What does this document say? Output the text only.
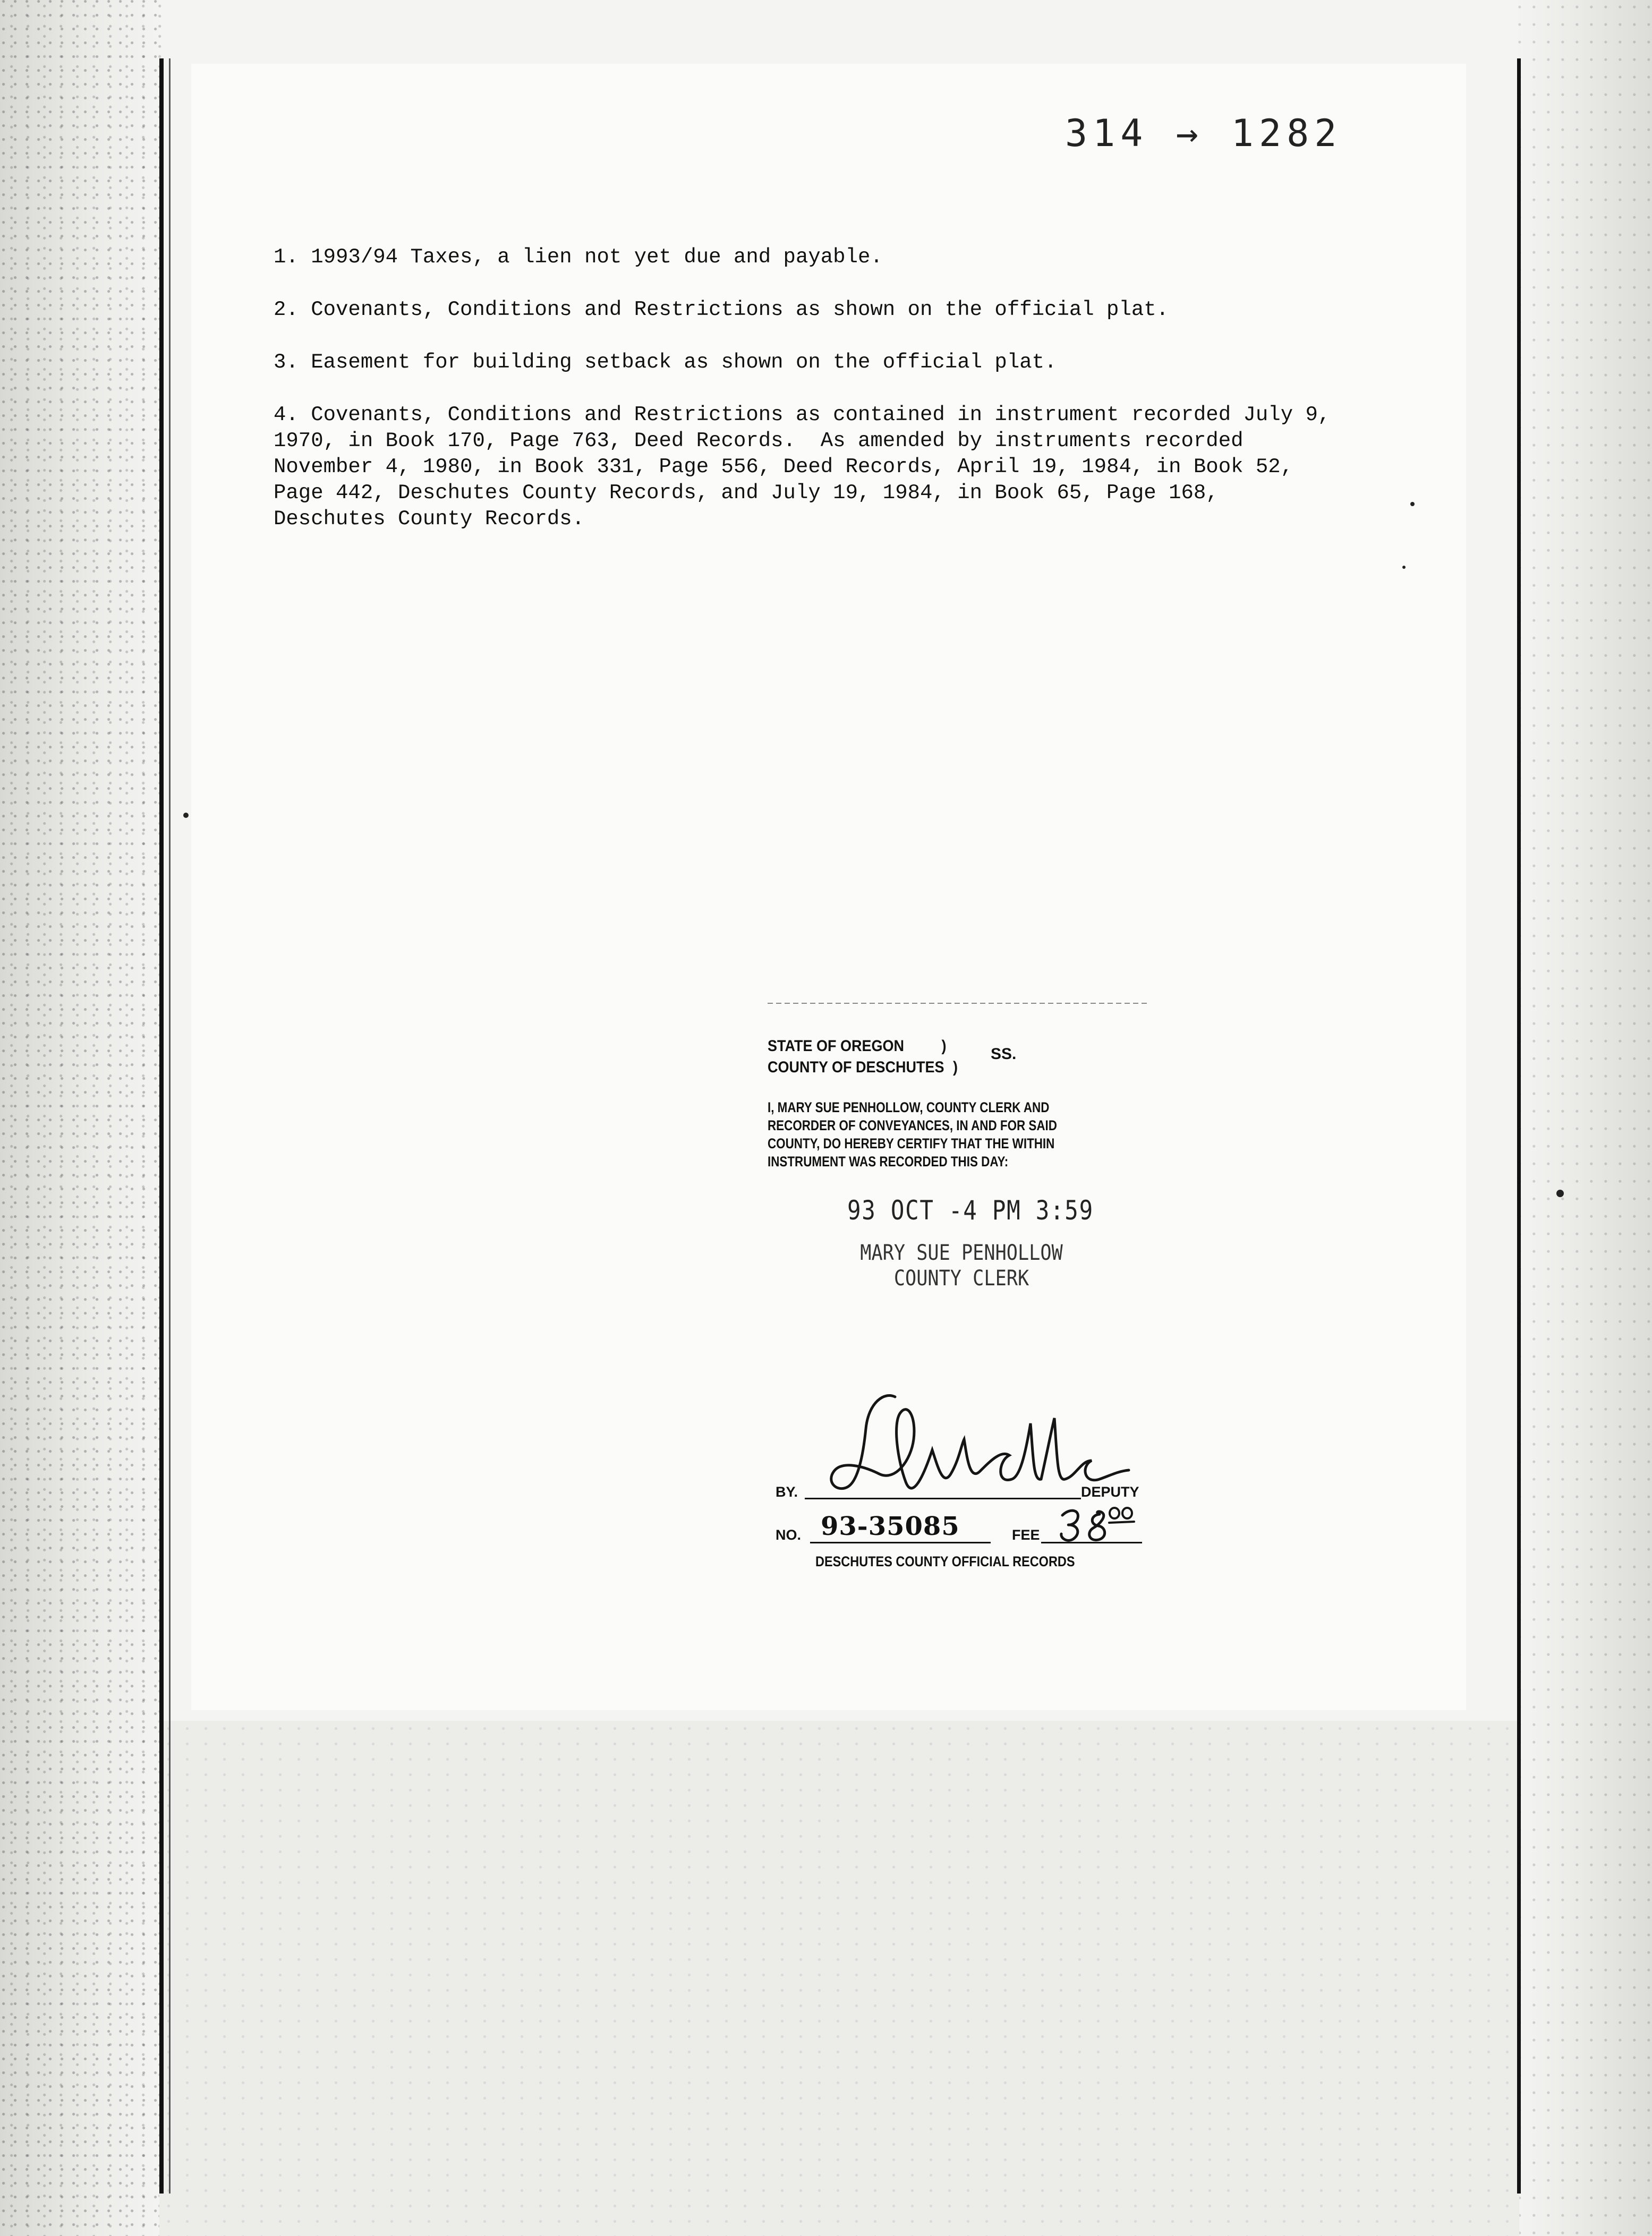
314 → 1282

1. 1993/94 Taxes, a lien not yet due and payable.

2. Covenants, Conditions and Restrictions as shown on the official plat.

3. Easement for building setback as shown on the official plat.

4. Covenants, Conditions and Restrictions as contained in instrument recorded July 9,
1970, in Book 170, Page 763, Deed Records.  As amended by instruments recorded
November 4, 1980, in Book 331, Page 556, Deed Records, April 19, 1984, in Book 52,
Page 442, Deschutes County Records, and July 19, 1984, in Book 65, Page 168,
Deschutes County Records.

STATE OF OREGON )
COUNTY OF DESCHUTES )
SS.
I, MARY SUE PENHOLLOW, COUNTY CLERK AND
RECORDER OF CONVEYANCES, IN AND FOR SAID
COUNTY, DO HEREBY CERTIFY THAT THE WITHIN
INSTRUMENT WAS RECORDED THIS DAY:
93 OCT -4 PM 3:59
MARY SUE PENHOLLOW
COUNTY CLERK
BY.	DEPUTY
NO. 93-35085	FEE
DESCHUTES COUNTY OFFICIAL RECORDS
